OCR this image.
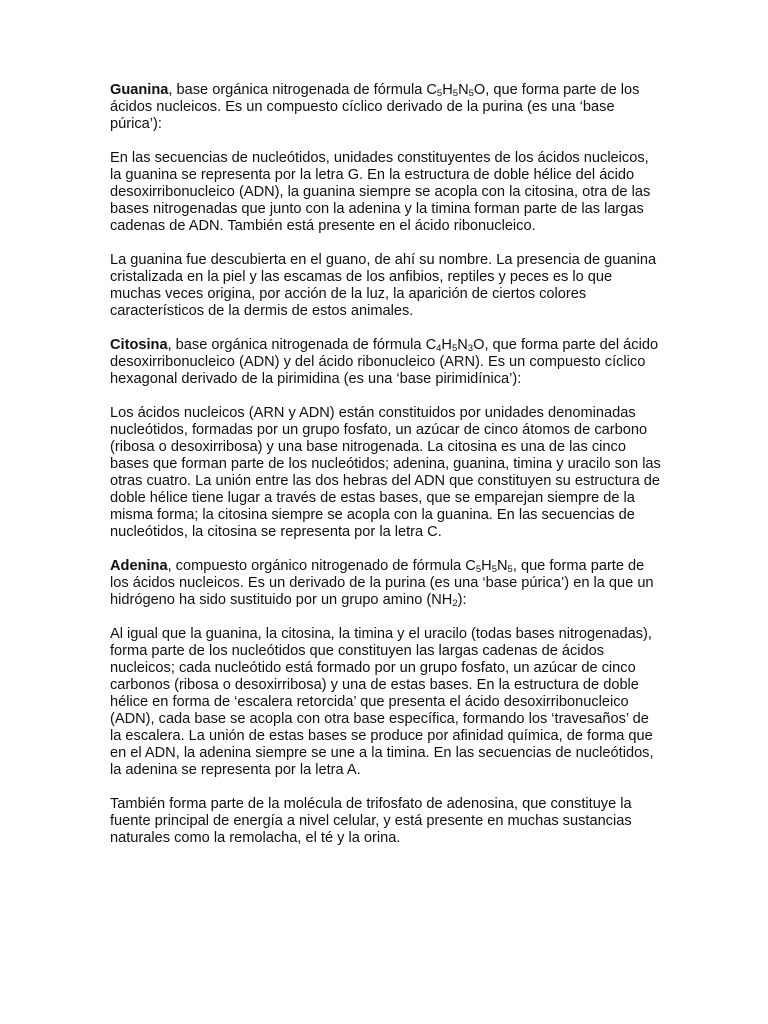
Guanina, base orgánica nitrogenada de fórmula $C_5H_5N_5O$, que forma parte de los ácidos nucleicos. Es un compuesto cíclico derivado de la purina (es una ‘base púrica’):

En las secuencias de nucleótidos, unidades constituyentes de los ácidos nucleicos, la guanina se representa por la letra G. En la estructura de doble hélice del ácido desoxirribonucleico (ADN), la guanina siempre se acopla con la citosina, otra de las bases nitrogenadas que junto con la adenina y la timina forman parte de las largas cadenas de ADN. También está presente en el ácido ribonucleico.

La guanina fue descubierta en el guano, de ahí su nombre. La presencia de guanina cristalizada en la piel y las escamas de los anfibios, reptiles y peces es lo que muchas veces origina, por acción de la luz, la aparición de ciertos colores característicos de la dermis de estos animales.

Citosina, base orgánica nitrogenada de fórmula $C_4H_5N_3O$, que forma parte del ácido desoxirribonucleico (ADN) y del ácido ribonucleico (ARN). Es un compuesto cíclico hexagonal derivado de la pirimidina (es una ‘base pirimidínica’):

Los ácidos nucleicos (ARN y ADN) están constituidos por unidades denominadas nucleótidos, formadas por un grupo fosfato, un azúcar de cinco átomos de carbono (ribosa o desoxirribosa) y una base nitrogenada. La citosina es una de las cinco bases que forman parte de los nucleótidos; adenina, guanina, timina y uracilo son las otras cuatro. La unión entre las dos hebras del ADN que constituyen su estructura de doble hélice tiene lugar a través de estas bases, que se emparejan siempre de la misma forma; la citosina siempre se acopla con la guanina. En las secuencias de nucleótidos, la citosina se representa por la letra C.

Adenina, compuesto orgánico nitrogenado de fórmula $C_5H_5N_5$, que forma parte de los ácidos nucleicos. Es un derivado de la purina (es una ‘base púrica’) en la que un hidrógeno ha sido sustituido por un grupo amino $(NH_2)$:

Al igual que la guanina, la citosina, la timina y el uracilo (todas bases nitrogenadas), forma parte de los nucleótidos que constituyen las largas cadenas de ácidos nucleicos; cada nucleótido está formado por un grupo fosfato, un azúcar de cinco carbonos (ribosa o desoxirribosa) y una de estas bases. En la estructura de doble hélice en forma de ‘escalera retorcida’ que presenta el ácido desoxirribonucleico (ADN), cada base se acopla con otra base específica, formando los ‘travesaños’ de la escalera. La unión de estas bases se produce por afinidad química, de forma que en el ADN, la adenina siempre se une a la timina. En las secuencias de nucleótidos, la adenina se representa por la letra A.

También forma parte de la molécula de trifosfato de adenosina, que constituye la fuente principal de energía a nivel celular, y está presente en muchas sustancias naturales como la remolacha, el té y la orina.
